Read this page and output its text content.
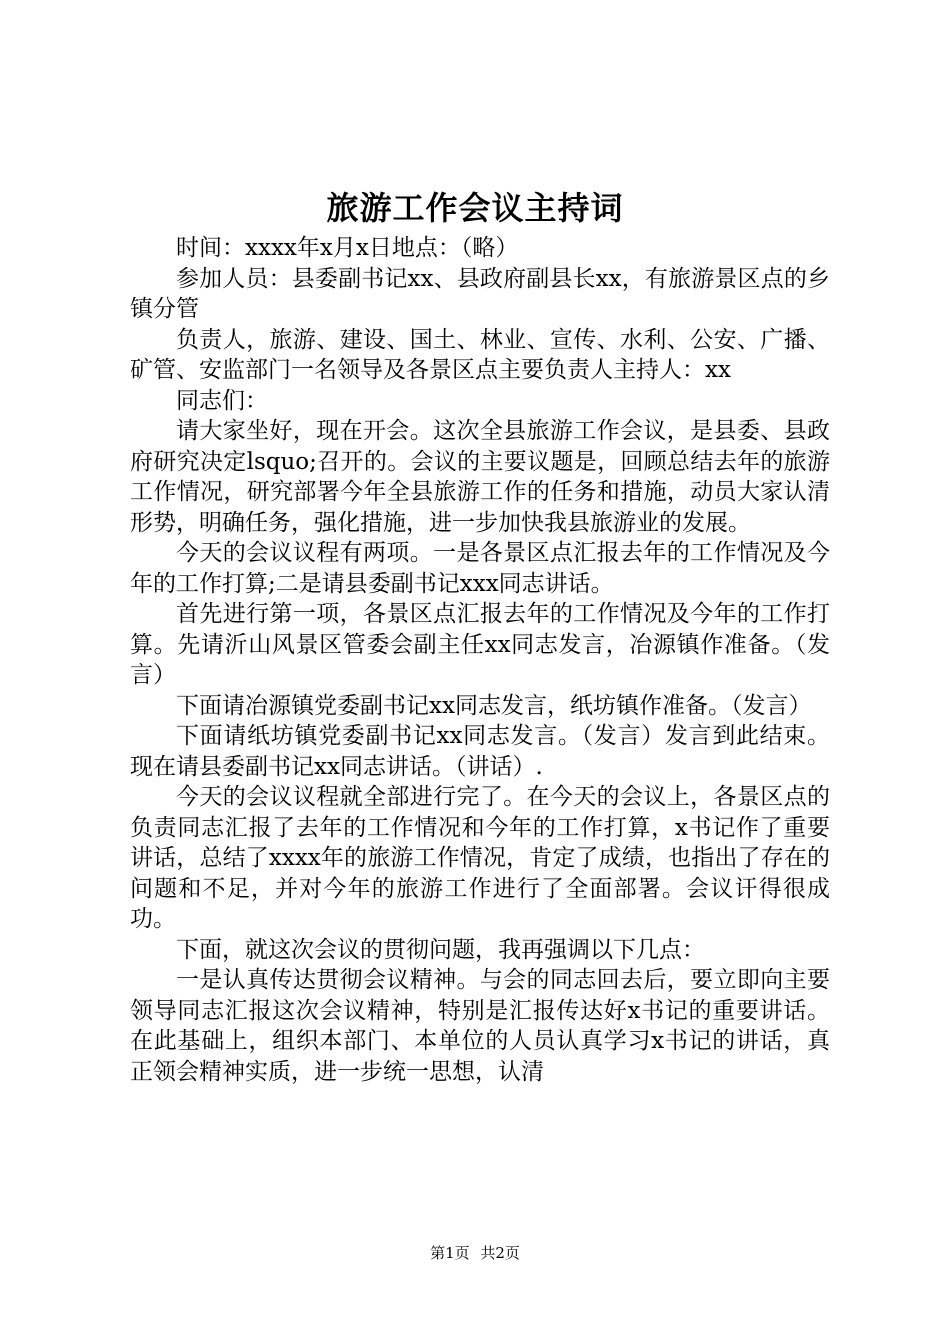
旅游工作会议主持词

时间：xxxx年x月x日地点：（略）

参加人员：县委副书记xx、县政府副县长xx，有旅游景区点的乡镇分管

负责人，旅游、建设、国土、林业、宣传、水利、公安、广播、矿管、安监部门一名领导及各景区点主要负责人主持人：xx

同志们：

请大家坐好，现在开会。这次全县旅游工作会议，是县委、县政府研究决定lsquo;召开的。会议的主要议题是，回顾总结去年的旅游工作情况，研究部署今年全县旅游工作的任务和措施，动员大家认清形势，明确任务，强化措施，进一步加快我县旅游业的发展。

今天的会议议程有两项。一是各景区点汇报去年的工作情况及今年的工作打算;二是请县委副书记xxx同志讲话。

首先进行第一项，各景区点汇报去年的工作情况及今年的工作打算。先请沂山风景区管委会副主任xx同志发言，冶源镇作准备。（发言）

下面请冶源镇党委副书记xx同志发言，纸坊镇作准备。（发言）

下面请纸坊镇党委副书记xx同志发言。（发言）发言到此结束。现在请县委副书记xx同志讲话。（讲话）.

今天的会议议程就全部进行完了。在今天的会议上，各景区点的负责同志汇报了去年的工作情况和今年的工作打算，x书记作了重要讲话，总结了xxxx年的旅游工作情况，肯定了成绩，也指出了存在的问题和不足，并对今年的旅游工作进行了全面部署。会议讦得很成功。

下面，就这次会议的贯彻问题，我再强调以下几点：

一是认真传达贯彻会议精神。与会的同志回去后，要立即向主要领导同志汇报这次会议精神，特别是汇报传达好x书记的重要讲话。在此基础上，组织本部门、本单位的人员认真学习x书记的讲话，真正领会精神实质，进一步统一思想，认清

第1页 共2页
